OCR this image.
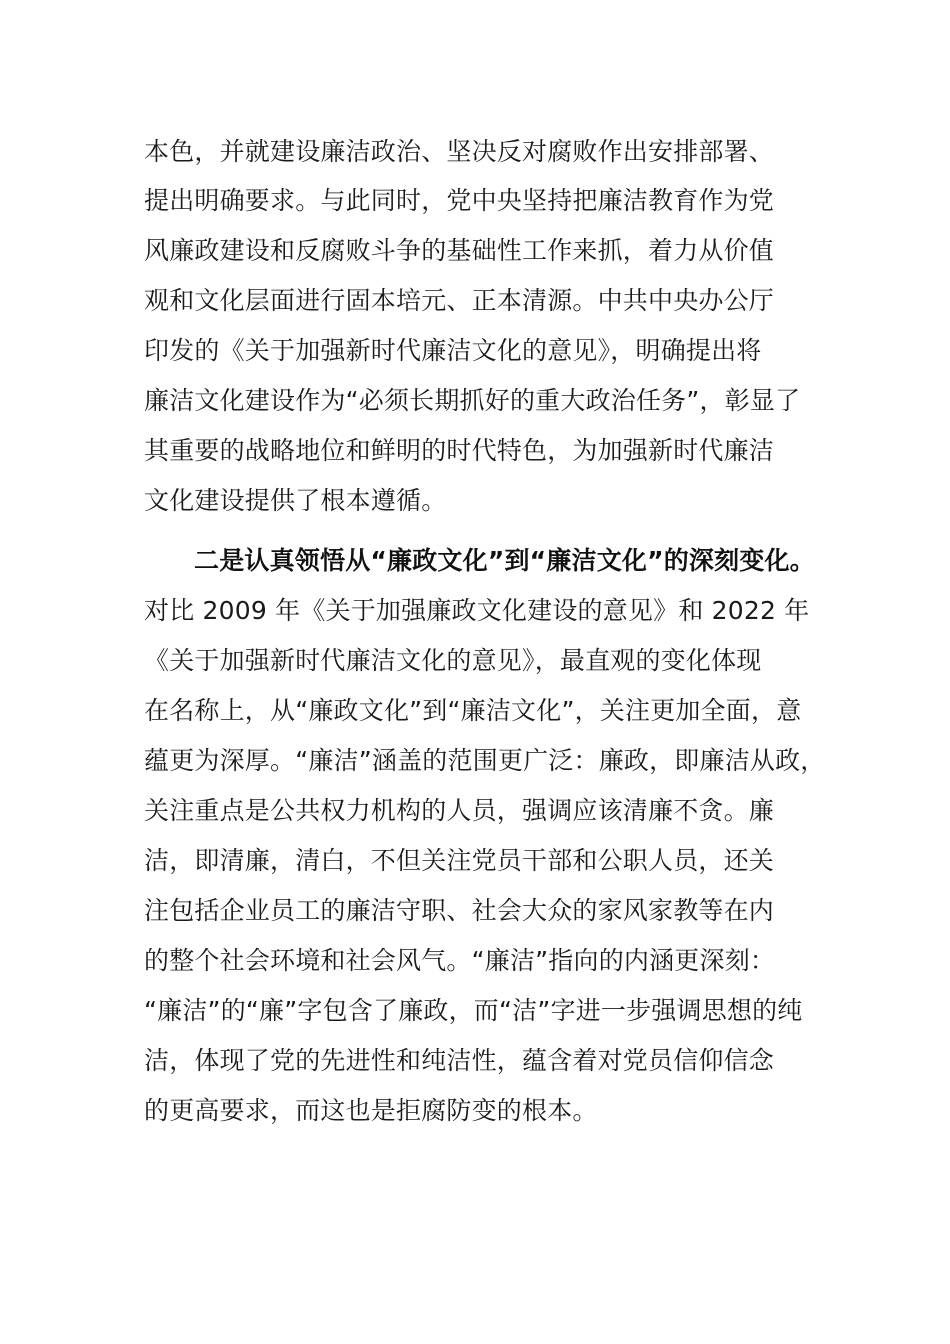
本色，并就建设廉洁政治、坚决反对腐败作出安排部署、
提出明确要求。与此同时，党中央坚持把廉洁教育作为党
风廉政建设和反腐败斗争的基础性工作来抓，着力从价值
观和文化层面进行固本培元、正本清源。中共中央办公厅
印发的《关于加强新时代廉洁文化的意见》，明确提出将
廉洁文化建设作为“必须长期抓好的重大政治任务”，彰显了
其重要的战略地位和鲜明的时代特色，为加强新时代廉洁
文化建设提供了根本遵循。
二是认真领悟从“廉政文化”到“廉洁文化”的深刻变化。
对比 2009 年《关于加强廉政文化建设的意见》和 2022 年
《关于加强新时代廉洁文化的意见》，最直观的变化体现
在名称上，从“廉政文化”到“廉洁文化”，关注更加全面，意
蕴更为深厚。“廉洁”涵盖的范围更广泛：廉政，即廉洁从政，
关注重点是公共权力机构的人员，强调应该清廉不贪。廉
洁，即清廉，清白，不但关注党员干部和公职人员，还关
注包括企业员工的廉洁守职、社会大众的家风家教等在内
的整个社会环境和社会风气。“廉洁”指向的内涵更深刻：
“廉洁”的“廉”字包含了廉政，而“洁”字进一步强调思想的纯
洁，体现了党的先进性和纯洁性，蕴含着对党员信仰信念
的更高要求，而这也是拒腐防变的根本。
